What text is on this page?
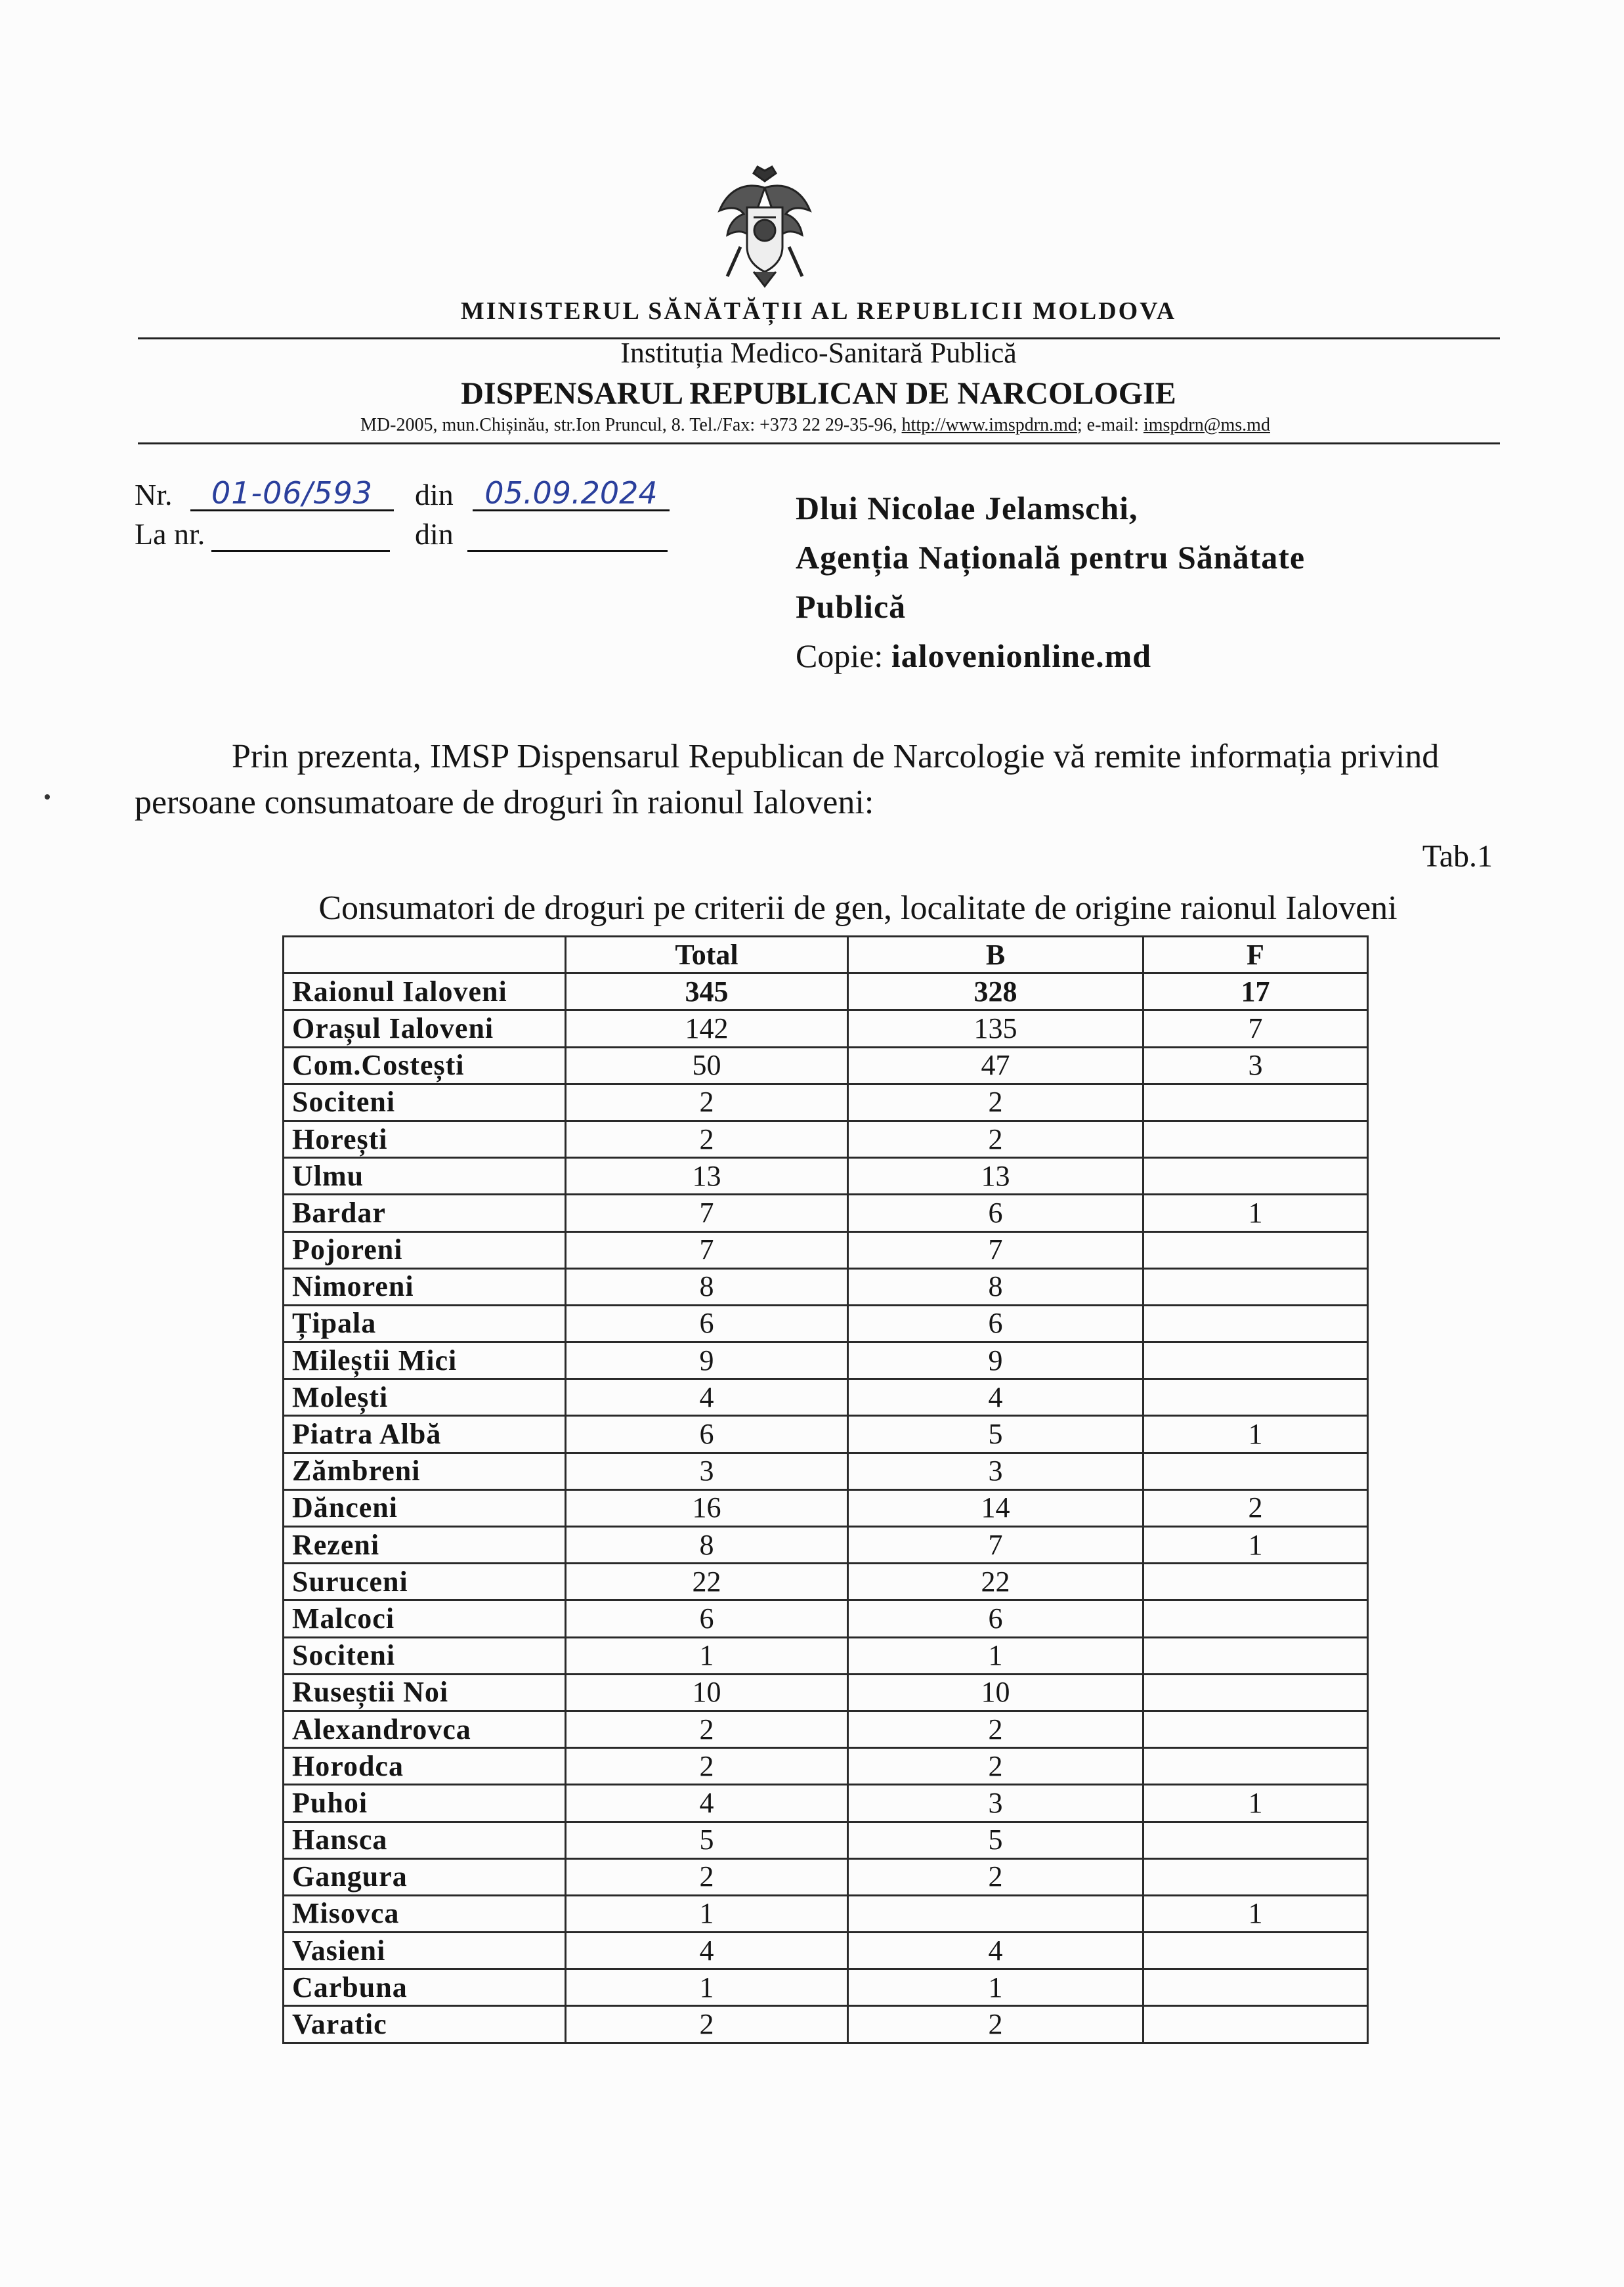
MINISTERUL SĂNĂTĂȚII AL REPUBLICII MOLDOVA
Instituția Medico-Sanitară Publică
DISPENSARUL REPUBLICAN DE NARCOLOGIE
MD-2005, mun.Chișinău, str.Ion Pruncul, 8. Tel./Fax: +373 22 29-35-96, http://www.imspdrn.md; e-mail: imspdrn@ms.md
Nr.	01-06/593	din	05.09.2024
La nr.	din
Dlui Nicolae Jelamschi,
Agenția Națională pentru Sănătate
Publică
Copie: ialovenionline.md
Prin prezenta, IMSP Dispensarul Republican de Narcologie vă remite informația privind persoane consumatoare de droguri în raionul Ialoveni:
Tab.1
Consumatori de droguri pe criterii de gen, localitate de origine raionul Ialoveni
	Total	B	F
Raionul Ialoveni	345	328	17
Orașul Ialoveni	142	135	7
Com.Costești	50	47	3
Sociteni	2	2	
Horești	2	2	
Ulmu	13	13	
Bardar	7	6	1
Pojoreni	7	7	
Nimoreni	8	8	
Țipala	6	6	
Mileștii Mici	9	9	
Molești	4	4	
Piatra Albă	6	5	1
Zămbreni	3	3	
Dănceni	16	14	2
Rezeni	8	7	1
Suruceni	22	22	
Malcoci	6	6	
Sociteni	1	1	
Ruseștii Noi	10	10	
Alexandrovca	2	2	
Horodca	2	2	
Puhoi	4	3	1
Hansca	5	5	
Gangura	2	2	
Misovca	1		1
Vasieni	4	4	
Carbuna	1	1	
Varatic	2	2	
